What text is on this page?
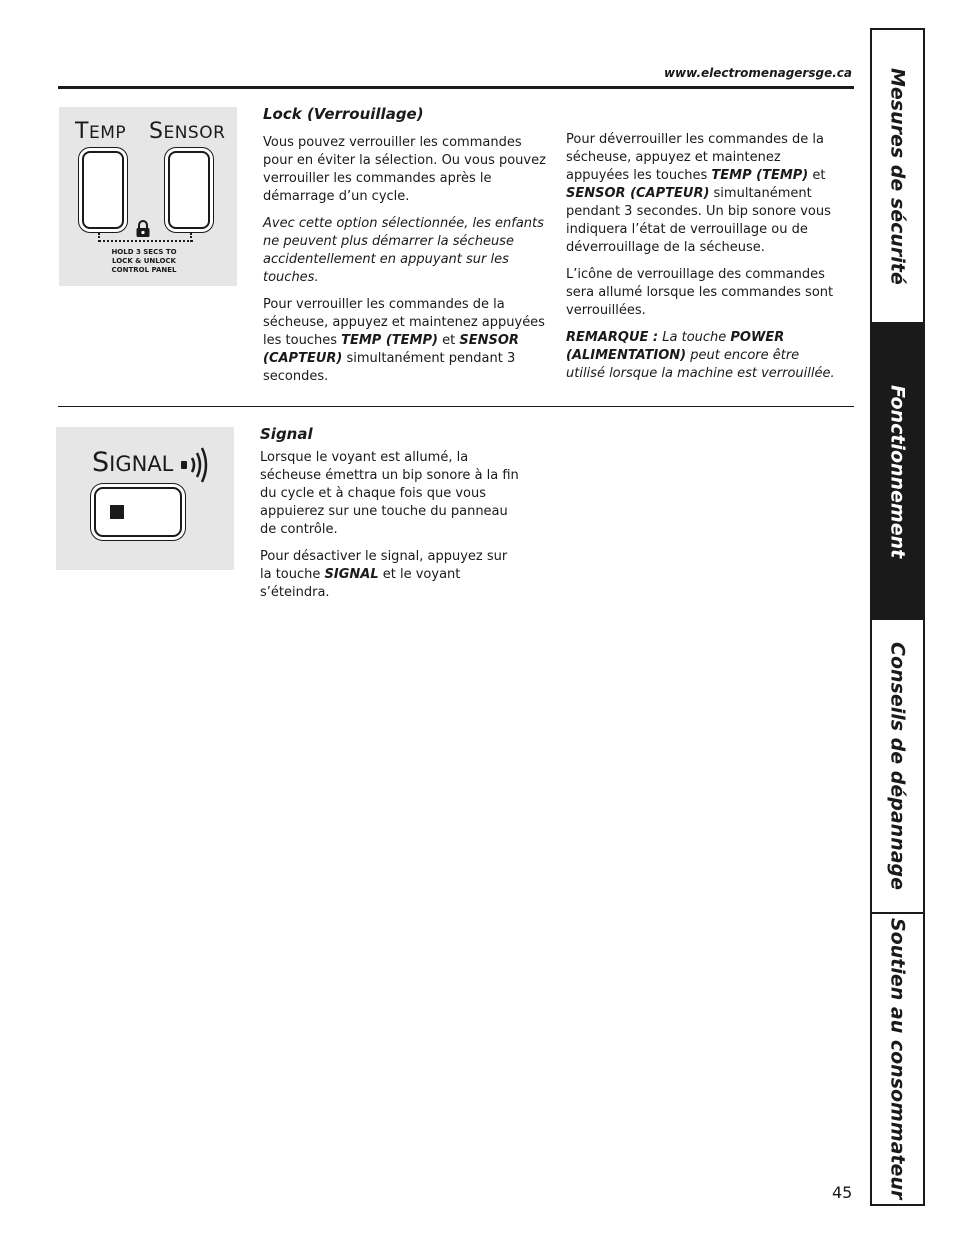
www.electromenagersge.ca
TEMP SENSOR
HOLD 3 SECS TO
LOCK & UNLOCK
CONTROL PANEL
Lock (Verrouillage)

Vous pouvez verrouiller les commandes pour en éviter la sélection. Ou vous pouvez verrouiller les commandes après le démarrage d’un cycle.

Avec cette option sélectionnée, les enfants ne peuvent plus démarrer la sécheuse accidentellement en appuyant sur les touches.

Pour verrouiller les commandes de la sécheuse, appuyez et maintenez appuyées les touches TEMP (TEMP) et SENSOR (CAPTEUR) simultanément pendant 3 secondes.

Pour déverrouiller les commandes de la sécheuse, appuyez et maintenez appuyées les touches TEMP (TEMP) et SENSOR (CAPTEUR) simultanément pendant 3 secondes. Un bip sonore vous indiquera l’état de verrouillage ou de déverrouillage de la sécheuse.

L’icône de verrouillage des commandes sera allumé lorsque les commandes sont verrouillées.

REMARQUE : La touche POWER (ALIMENTATION) peut encore être utilisé lorsque la machine est verrouillée.

SIGNAL
Signal

Lorsque le voyant est allumé, la sécheuse émettra un bip sonore à la fin du cycle et à chaque fois que vous appuierez sur une touche du panneau de contrôle.

Pour désactiver le signal, appuyez sur la touche SIGNAL et le voyant s’éteindra.

Mesures de sécurité
Fonctionnement
Conseils de dépannage
Soutien au consommateur
45
